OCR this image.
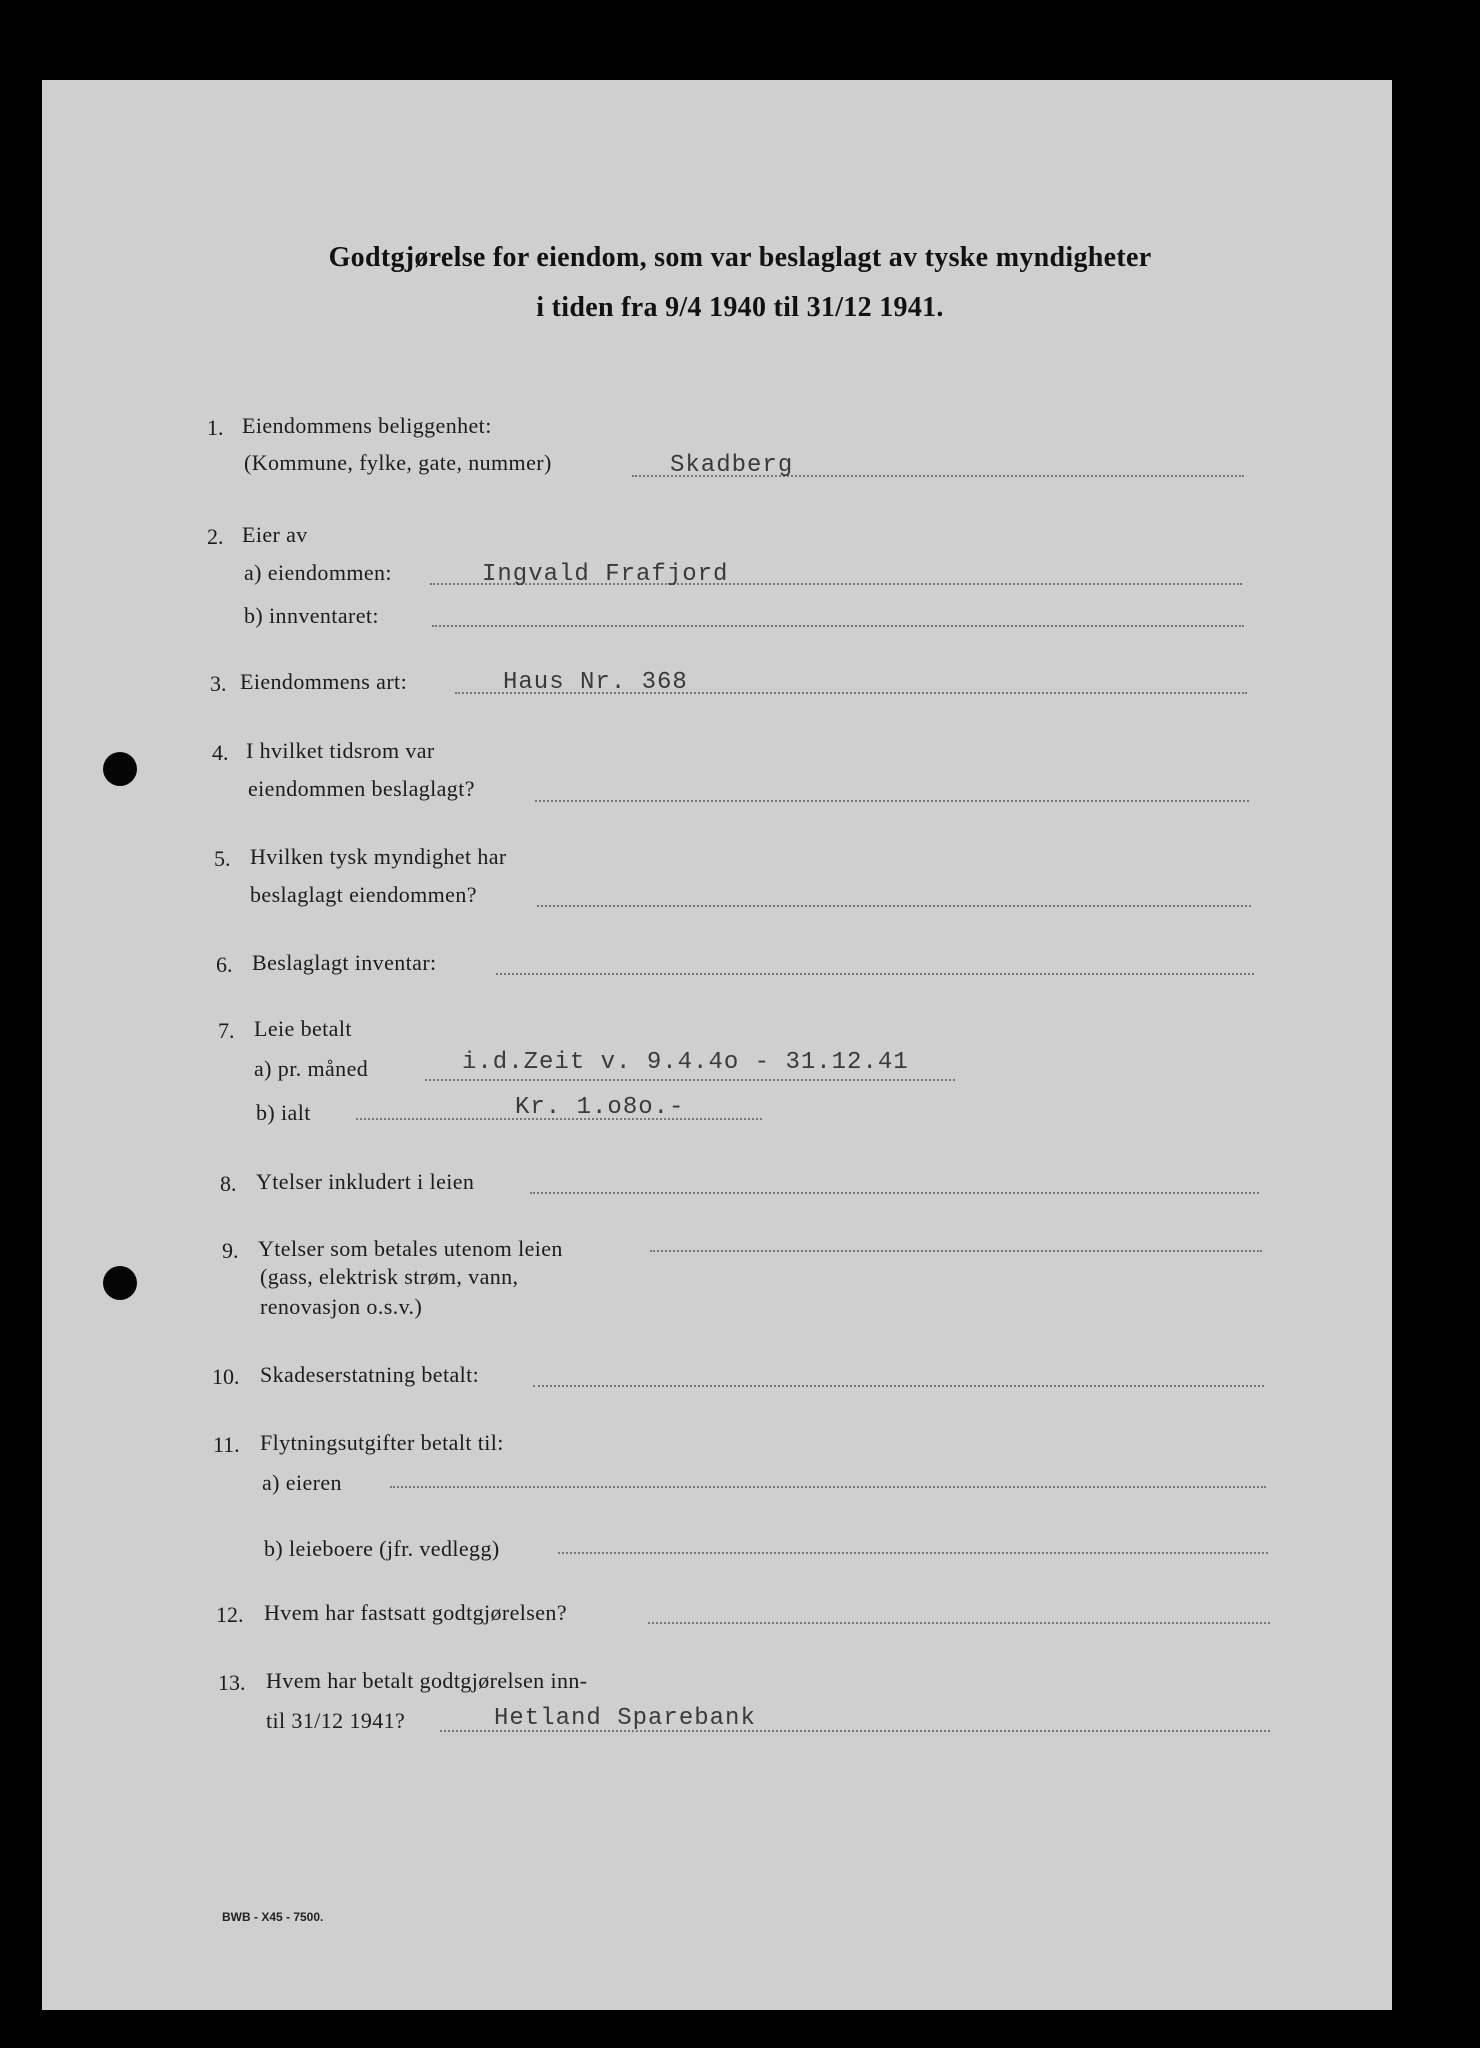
Godtgjørelse for eiendom, som var beslaglagt av tyske myndigheter
i tiden fra 9/4 1940 til 31/12 1941.
1. Eiendommens beliggenhet:
(Kommune, fylke, gate, nummer)	Skadberg
2. Eier av
a) eiendommen:	Ingvald Frafjord
b) innventaret:
3. Eiendommens art:	Haus Nr. 368
4. I hvilket tidsrom var
eiendommen beslaglagt?
5. Hvilken tysk myndighet har
beslaglagt eiendommen?
6. Beslaglagt inventar:
7. Leie betalt
a) pr. måned	i.d.Zeit v. 9.4.4o - 31.12.41
b) ialt	Kr. 1.o8o.-
8. Ytelser inkludert i leien
9. Ytelser som betales utenom leien
(gass, elektrisk strøm, vann,
renovasjon o.s.v.)
10. Skadeserstatning betalt:
11. Flytningsutgifter betalt til:
a) eieren
b) leieboere (jfr. vedlegg)
12. Hvem har fastsatt godtgjørelsen?
13. Hvem har betalt godtgjørelsen inn-
til 31/12 1941?	Hetland Sparebank
BWB - X45 - 7500.
